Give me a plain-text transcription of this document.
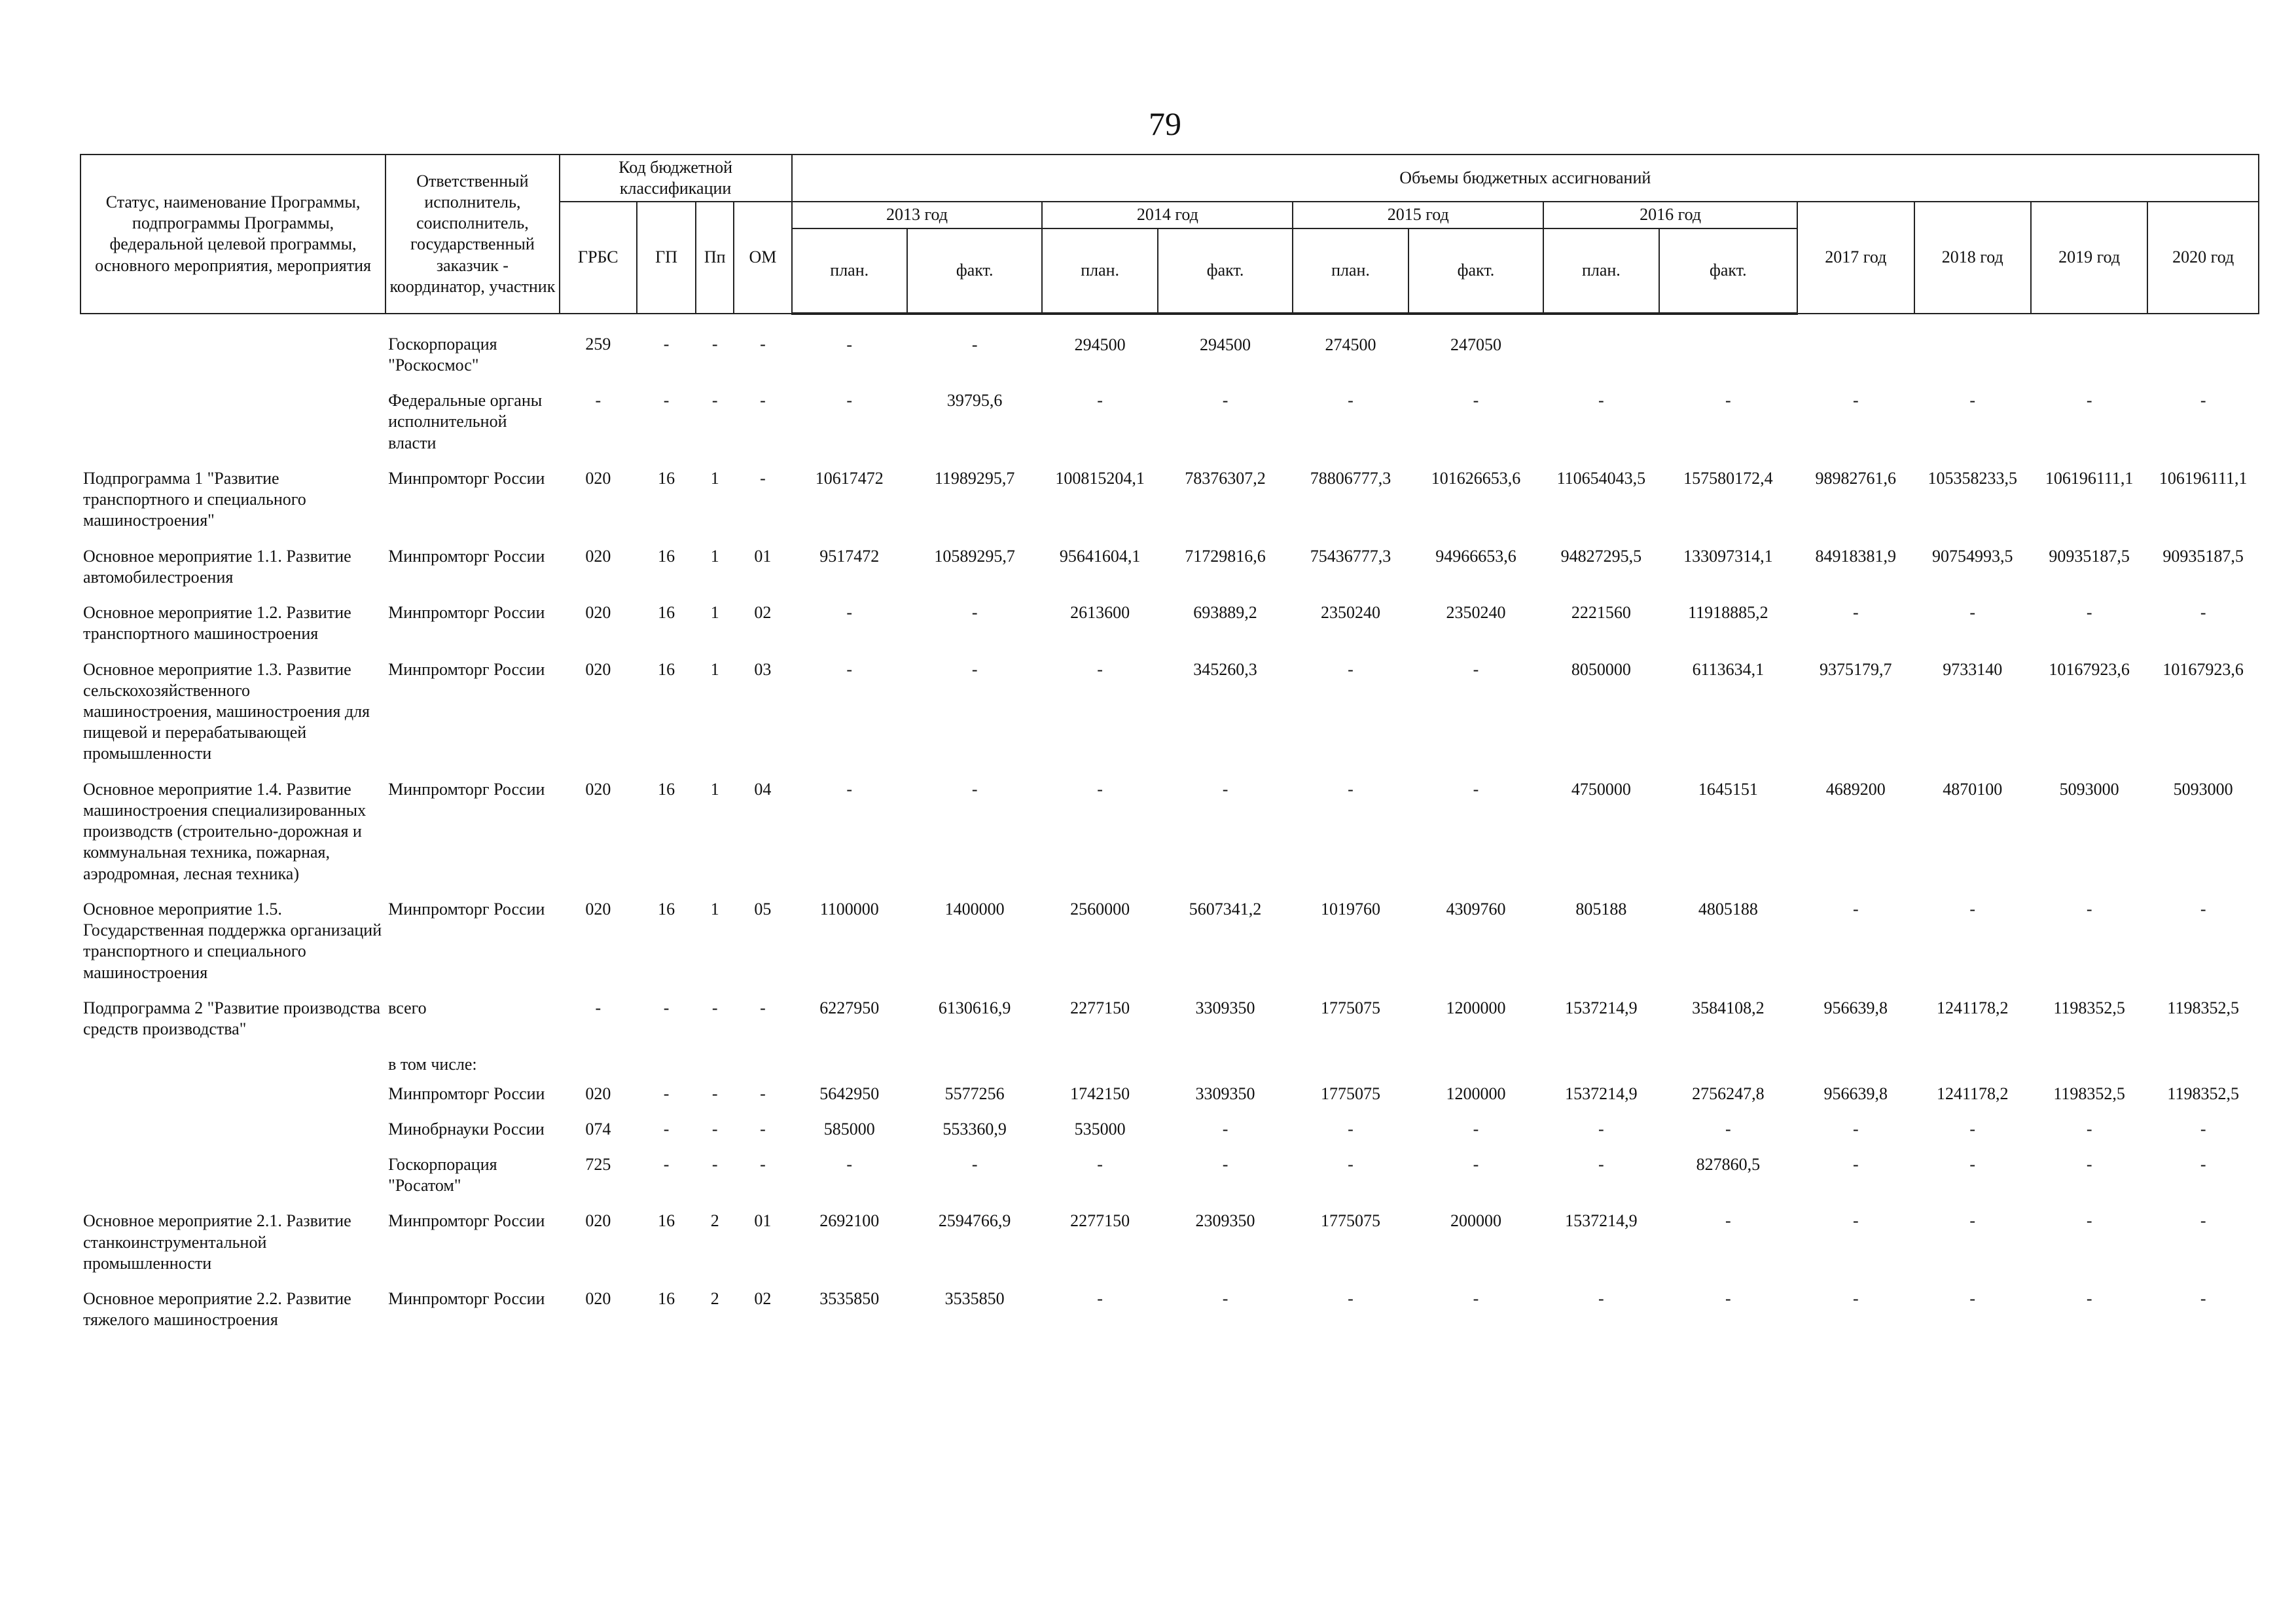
79
Статус, наименование Программы, подпрограммы Программы, федеральной целевой программы, основного мероприятия, мероприятия	Ответственный исполнитель, соисполнитель, государственный заказчик - координатор, участник	Код бюджетной классификации				Объемы бюджетных ассигнований											
		ГРБС	ГП	Пп	ОМ	2013 год		2014 год		2015 год		2016 год		2017 год	2018 год	2019 год	2020 год
						план.	факт.	план.	факт.	план.	факт.	план.	факт.				
	Госкорпорация "Роскосмос"	259	-	-	-	-	-	294500	294500	274500	247050						
	Федеральные органы исполнительной власти	-	-	-	-	-	39795,6	-	-	-	-	-	-	-	-	-	-
Подпрограмма 1 "Развитие транспортного и специального машиностроения"	Минпромторг России	020	16	1	-	10617472	11989295,7	100815204,1	78376307,2	78806777,3	101626653,6	110654043,5	157580172,4	98982761,6	105358233,5	106196111,1	106196111,1
Основное мероприятие 1.1. Развитие автомобилестроения	Минпромторг России	020	16	1	01	9517472	10589295,7	95641604,1	71729816,6	75436777,3	94966653,6	94827295,5	133097314,1	84918381,9	90754993,5	90935187,5	90935187,5
Основное мероприятие 1.2. Развитие транспортного машиностроения	Минпромторг России	020	16	1	02	-	-	2613600	693889,2	2350240	2350240	2221560	11918885,2	-	-	-	-
Основное мероприятие 1.3. Развитие сельскохозяйственного машиностроения, машиностроения для пищевой и перерабатывающей промышленности	Минпромторг России	020	16	1	03	-	-	-	345260,3	-	-	8050000	6113634,1	9375179,7	9733140	10167923,6	10167923,6
Основное мероприятие 1.4. Развитие машиностроения специализированных производств (строительно-дорожная и коммунальная техника, пожарная, аэродромная, лесная техника)	Минпромторг России	020	16	1	04	-	-	-	-	-	-	4750000	1645151	4689200	4870100	5093000	5093000
Основное мероприятие 1.5. Государственная поддержка организаций транспортного и специального машиностроения	Минпромторг России	020	16	1	05	1100000	1400000	2560000	5607341,2	1019760	4309760	805188	4805188	-	-	-	-
Подпрограмма 2 "Развитие производства средств производства"	всего	-	-	-	-	6227950	6130616,9	2277150	3309350	1775075	1200000	1537214,9	3584108,2	956639,8	1241178,2	1198352,5	1198352,5
	в том числе:																
	Минпромторг России	020	-	-	-	5642950	5577256	1742150	3309350	1775075	1200000	1537214,9	2756247,8	956639,8	1241178,2	1198352,5	1198352,5
	Минобрнауки России	074	-	-	-	585000	553360,9	535000	-	-	-	-	-	-	-	-	-
	Госкорпорация "Росатом"	725	-	-	-	-	-	-	-	-	-	-	827860,5	-	-	-	-
Основное мероприятие 2.1. Развитие станкоинструментальной промышленности	Минпромторг России	020	16	2	01	2692100	2594766,9	2277150	2309350	1775075	200000	1537214,9	-	-	-	-	-
Основное мероприятие 2.2. Развитие тяжелого машиностроения	Минпромторг России	020	16	2	02	3535850	3535850	-	-	-	-	-	-	-	-	-	-
